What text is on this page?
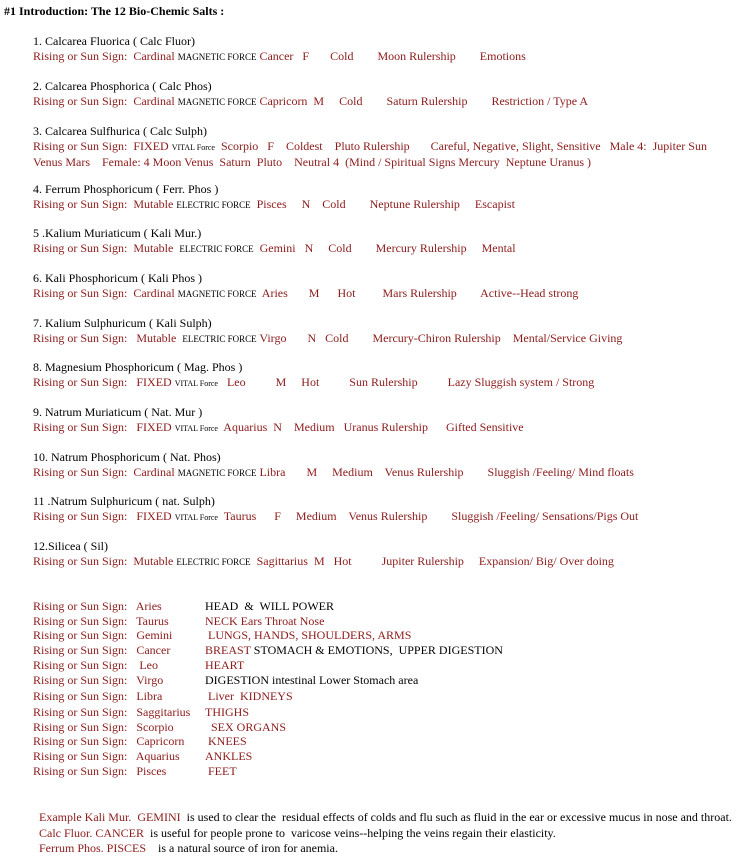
#1 Introduction: The 12 Bio-Chemic Salts :
1. Calcarea Fluorica ( Calc Fluor)
Rising or Sun Sign:  Cardinal MAGNETIC FORCE Cancer   F       Cold        Moon Rulership        Emotions
2. Calcarea Phosphorica ( Calc Phos)
Rising or Sun Sign:  Cardinal MAGNETIC FORCE Capricorn  M     Cold        Saturn Rulership        Restriction / Type A
3. Calcarea Sulfhurica ( Calc Sulph)
Rising or Sun Sign:  FIXED VITAL Force  Scorpio   F    Coldest    Pluto Rulership       Careful, Negative, Slight, Sensitive   Male 4:  Jupiter Sun
Venus Mars    Female: 4 Moon Venus  Saturn  Pluto    Neutral 4  (Mind / Spiritual Signs Mercury  Neptune Uranus )
4. Ferrum Phosphoricum ( Ferr. Phos )
Rising or Sun Sign:  Mutable ELECTRIC FORCE  Pisces     N    Cold        Neptune Rulership     Escapist
5 .Kalium Muriaticum ( Kali Mur.)
Rising or Sun Sign:  Mutable  ELECTRIC FORCE  Gemini   N     Cold        Mercury Rulership     Mental
6. Kali Phosphoricum ( Kali Phos )
Rising or Sun Sign:  Cardinal MAGNETIC FORCE  Aries       M      Hot         Mars Rulership        Active--Head strong
7. Kalium Sulphuricum ( Kali Sulph)
Rising or Sun Sign:   Mutable  ELECTRIC FORCE Virgo       N   Cold        Mercury-Chiron Rulership    Mental/Service Giving
8. Magnesium Phosphoricum ( Mag. Phos )
Rising or Sun Sign:   FIXED VITAL Force   Leo          M     Hot          Sun Rulership          Lazy Sluggish system / Strong
9. Natrum Muriaticum ( Nat. Mur )
Rising or Sun Sign:   FIXED VITAL Force  Aquarius  N    Medium   Uranus Rulership      Gifted Sensitive
10. Natrum Phosphoricum ( Nat. Phos)
Rising or Sun Sign:  Cardinal MAGNETIC FORCE Libra       M     Medium    Venus Rulership        Sluggish /Feeling/ Mind floats
11 .Natrum Sulphuricum ( nat. Sulph)
Rising or Sun Sign:   FIXED VITAL Force  Taurus      F     Medium    Venus Rulership        Sluggish /Feeling/ Sensations/Pigs Out
12.Silicea ( Sil)
Rising or Sun Sign:  Mutable ELECTRIC FORCE  Sagittarius  M   Hot          Jupiter Rulership     Expansion/ Big/ Over doing
Rising or Sun Sign:   Aries	HEAD  &  WILL POWER
Rising or Sun Sign:   Taurus	NECK Ears Throat Nose
Rising or Sun Sign:   Gemini	LUNGS, HANDS, SHOULDERS, ARMS
Rising or Sun Sign:   Cancer	BREAST STOMACH & EMOTIONS,  UPPER DIGESTION
Rising or Sun Sign:    Leo	HEART
Rising or Sun Sign:   Virgo	DIGESTION intestinal Lower Stomach area
Rising or Sun Sign:   Libra	Liver  KIDNEYS
Rising or Sun Sign:   Saggitarius THIGHS
Rising or Sun Sign:   Scorpio	SEX ORGANS
Rising or Sun Sign:   Capricorn KNEES
Rising or Sun Sign:   Aquarius ANKLES
Rising or Sun Sign:   Pisces	FEET

Example Kali Mur.  GEMINI  is used to clear the  residual effects of colds and flu such as fluid in the ear or excessive mucus in nose and throat.

Calc Fluor. CANCER  is useful for people prone to  varicose veins--helping the veins regain their elasticity.

Ferrum Phos. PISCES    is a natural source of iron for anemia.
